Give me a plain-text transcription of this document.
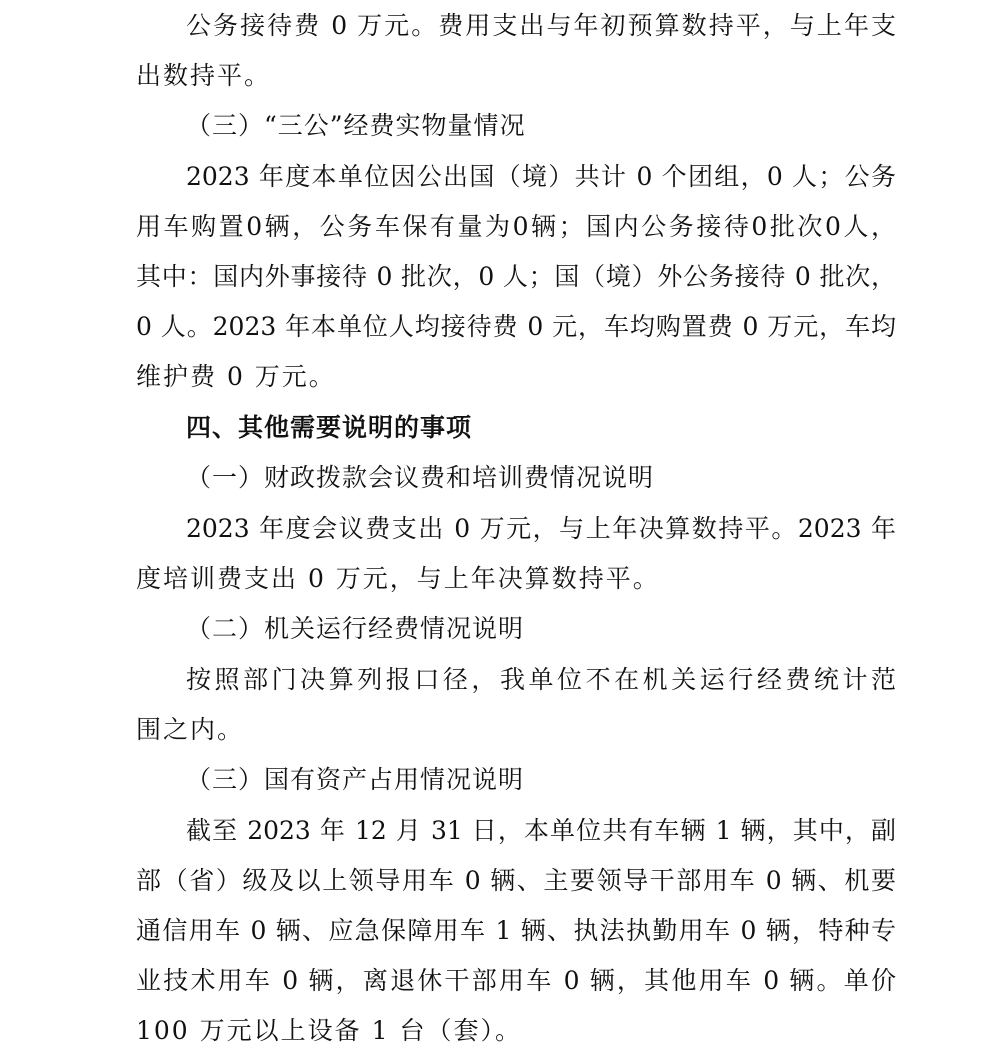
公务接待费 0 万元。费用支出与年初预算数持平，与上年支
出数持平。
（三）“三公”经费实物量情况
2023 年度本单位因公出国（境）共计 0 个团组，0 人；公务
用车购置0辆，公务车保有量为0辆；国内公务接待0批次0人，
其中：国内外事接待 0 批次，0 人；国（境）外公务接待 0 批次，
0 人。2023 年本单位人均接待费 0 元，车均购置费 0 万元，车均
维护费 0 万元。
四、其他需要说明的事项
（一）财政拨款会议费和培训费情况说明
2023 年度会议费支出 0 万元，与上年决算数持平。2023 年
度培训费支出 0 万元，与上年决算数持平。
（二）机关运行经费情况说明
按照部门决算列报口径，我单位不在机关运行经费统计范
围之内。
（三）国有资产占用情况说明
截至 2023 年 12 月 31 日，本单位共有车辆 1 辆，其中，副
部（省）级及以上领导用车 0 辆、主要领导干部用车 0 辆、机要
通信用车 0 辆、应急保障用车 1 辆、执法执勤用车 0 辆，特种专
业技术用车 0 辆，离退休干部用车 0 辆，其他用车 0 辆。单价
100 万元以上设备 1 台（套）。
